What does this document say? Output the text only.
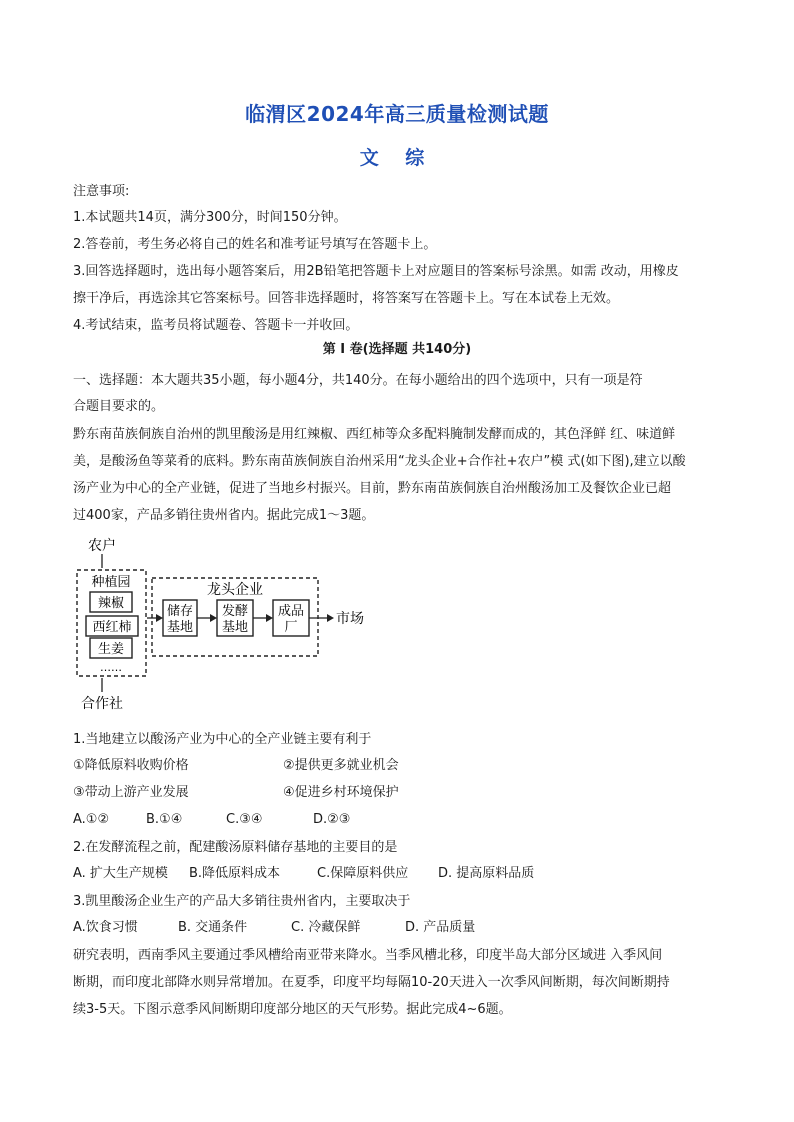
临渭区2024年高三质量检测试题
文 综
注意事项:
1.本试题共14页，满分300分，时间150分钟。
2.答卷前，考生务必将自己的姓名和准考证号填写在答题卡上。
3.回答选择题时，选出每小题答案后，用2B铅笔把答题卡上对应题目的答案标号涂黑。如需 改动，用橡皮
擦干净后，再选涂其它答案标号。回答非选择题时，将答案写在答题卡上。写在本试卷上无效。
4.考试结束，监考员将试题卷、答题卡一并收回。
第 I 卷(选择题 共140分)
一、选择题：本大题共35小题，每小题4分，共140分。在每小题给出的四个选项中，只有一项是符
合题目要求的。
黔东南苗族侗族自治州的凯里酸汤是用红辣椒、西红柿等众多配料腌制发酵而成的，其色泽鲜 红、味道鲜
美，是酸汤鱼等菜肴的底料。黔东南苗族侗族自治州采用“龙头企业+合作社+农户”模 式(如下图),建立以酸
汤产业为中心的全产业链，促进了当地乡村振兴。目前，黔东南苗族侗族自治州酸汤加工及餐饮企业已超
过400家，产品多销往贵州省内。据此完成1～3题。
农户
种植园
辣椒
西红柿
生姜
……
合作社
龙头企业
储存
基地
发酵
基地
成品
厂
市场
1.当地建立以酸汤产业为中心的全产业链主要有利于
①降低原料收购价格	②提供更多就业机会
③带动上游产业发展	④促进乡村环境保护
A.①②	B.①④	C.③④	D.②③
2.在发酵流程之前，配建酸汤原料储存基地的主要目的是
A. 扩大生产规模 B.降低原料成本	C.保障原料供应 D. 提高原料品质
3.凯里酸汤企业生产的产品大多销往贵州省内，主要取决于
A.饮食习惯	B. 交通条件	C. 冷藏保鲜	D. 产品质量
研究表明，西南季风主要通过季风槽给南亚带来降水。当季风槽北移，印度半岛大部分区域进 入季风间
断期，而印度北部降水则异常增加。在夏季，印度平均每隔10-20天进入一次季风间断期，每次间断期持
续3-5天。下图示意季风间断期印度部分地区的天气形势。据此完成4~6题。
